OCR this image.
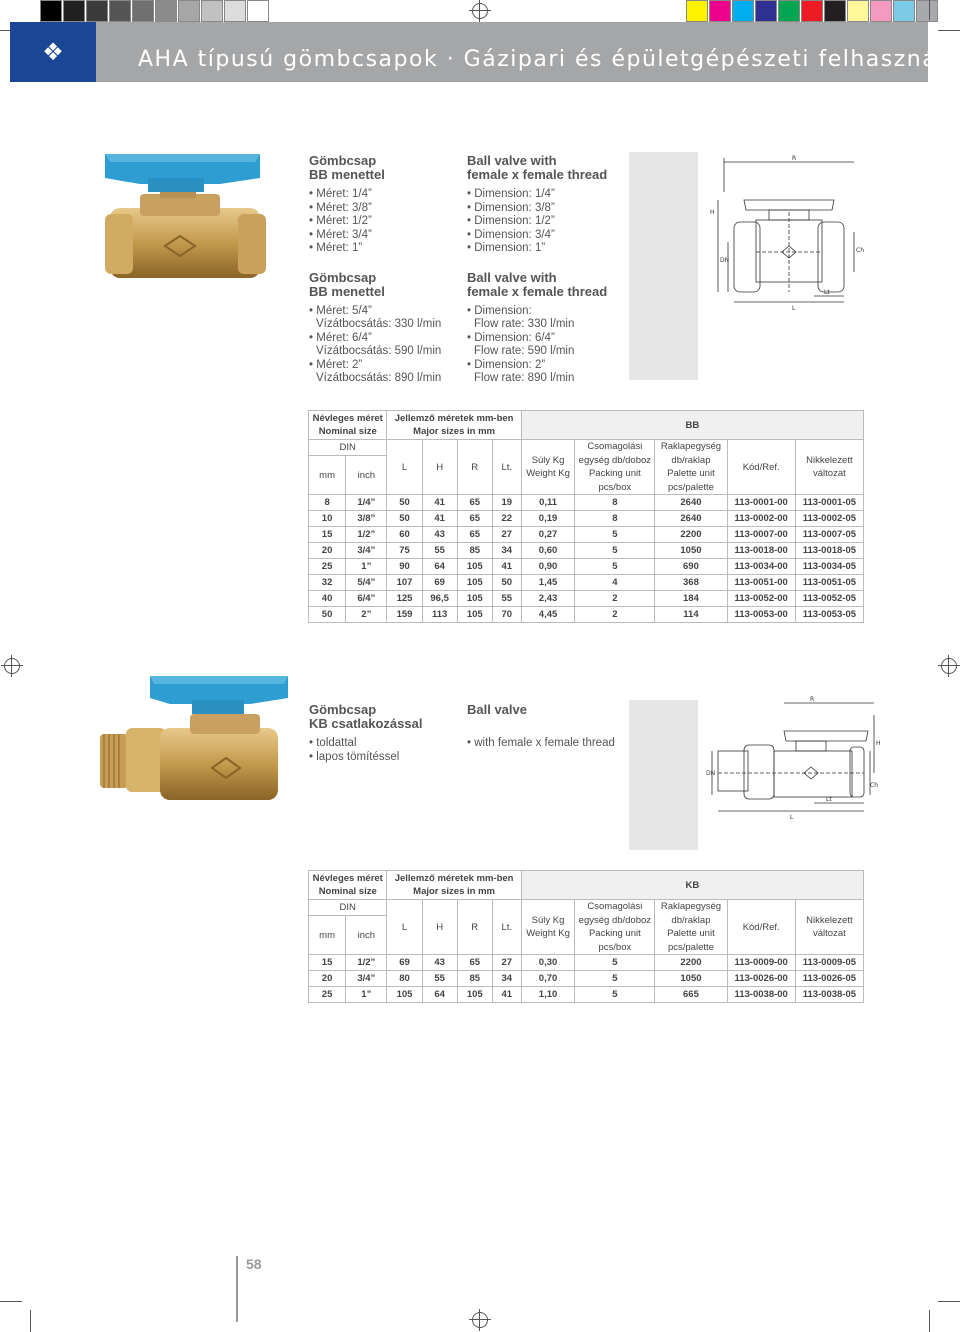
❖	AHA típusú gömbcsapok · Gázipari és épületgépészeti felhasználás
Gömbcsap
BB menettel
• Méret: 1/4”
• Méret: 3/8”
• Méret: 1/2”
• Méret: 3/4”
• Méret: 1”
Gömbcsap
BB menettel
• Méret: 5/4”
Vízátbocsátás: 330 l/min
• Méret: 6/4”
Vízátbocsátás: 590 l/min
• Méret: 2”
Vízátbocsátás: 890 l/min
Ball valve with
female x female thread
• Dimension: 1/4”
• Dimension: 3/8”
• Dimension: 1/2”
• Dimension: 3/4”
• Dimension: 1”
Ball valve with
female x female thread
• Dimension:
Flow rate: 330 l/min
• Dimension: 6/4”
Flow rate: 590 l/min
• Dimension: 2”
Flow rate: 890 l/min
R
H
DN
L
Lt
Ch
Névleges méret
Nominal size		Jellemző méretek mm-ben
Major sizes in mm				BB				
DIN		L	H	R	Lt.	Súly Kg
Weight Kg	Csomagolási
egység db/doboz
Packing unit
pcs/box	Raklapegység
db/raklap
Palette unit
pcs/palette	Kód/Ref.	Nikkelezett
változat
mm	inch									
8	1/4”	50	41	65	19	0,11	8	2640	113-0001-00	113-0001-05
10	3/8”	50	41	65	22	0,19	8	2640	113-0002-00	113-0002-05
15	1/2”	60	43	65	27	0,27	5	2200	113-0007-00	113-0007-05
20	3/4”	75	55	85	34	0,60	5	1050	113-0018-00	113-0018-05
25	1”	90	64	105	41	0,90	5	690	113-0034-00	113-0034-05
32	5/4”	107	69	105	50	1,45	4	368	113-0051-00	113-0051-05
40	6/4”	125	96,5	105	55	2,43	2	184	113-0052-00	113-0052-05
50	2”	159	113	105	70	4,45	2	114	113-0053-00	113-0053-05
Gömbcsap
KB csatlakozással
• toldattal
• lapos tömítéssel
Ball valve
• with female x female thread
R
H
DN
L
Lt
Ch
Névleges méret
Nominal size		Jellemző méretek mm-ben
Major sizes in mm				KB				
DIN		L	H	R	Lt.	Súly Kg
Weight Kg	Csomagolási
egység db/doboz
Packing unit
pcs/box	Raklapegység
db/raklap
Palette unit
pcs/palette	Kód/Ref.	Nikkelezett
változat
mm	inch									
15	1/2”	69	43	65	27	0,30	5	2200	113-0009-00	113-0009-05
20	3/4”	80	55	85	34	0,70	5	1050	113-0026-00	113-0026-05
25	1”	105	64	105	41	1,10	5	665	113-0038-00	113-0038-05
58
